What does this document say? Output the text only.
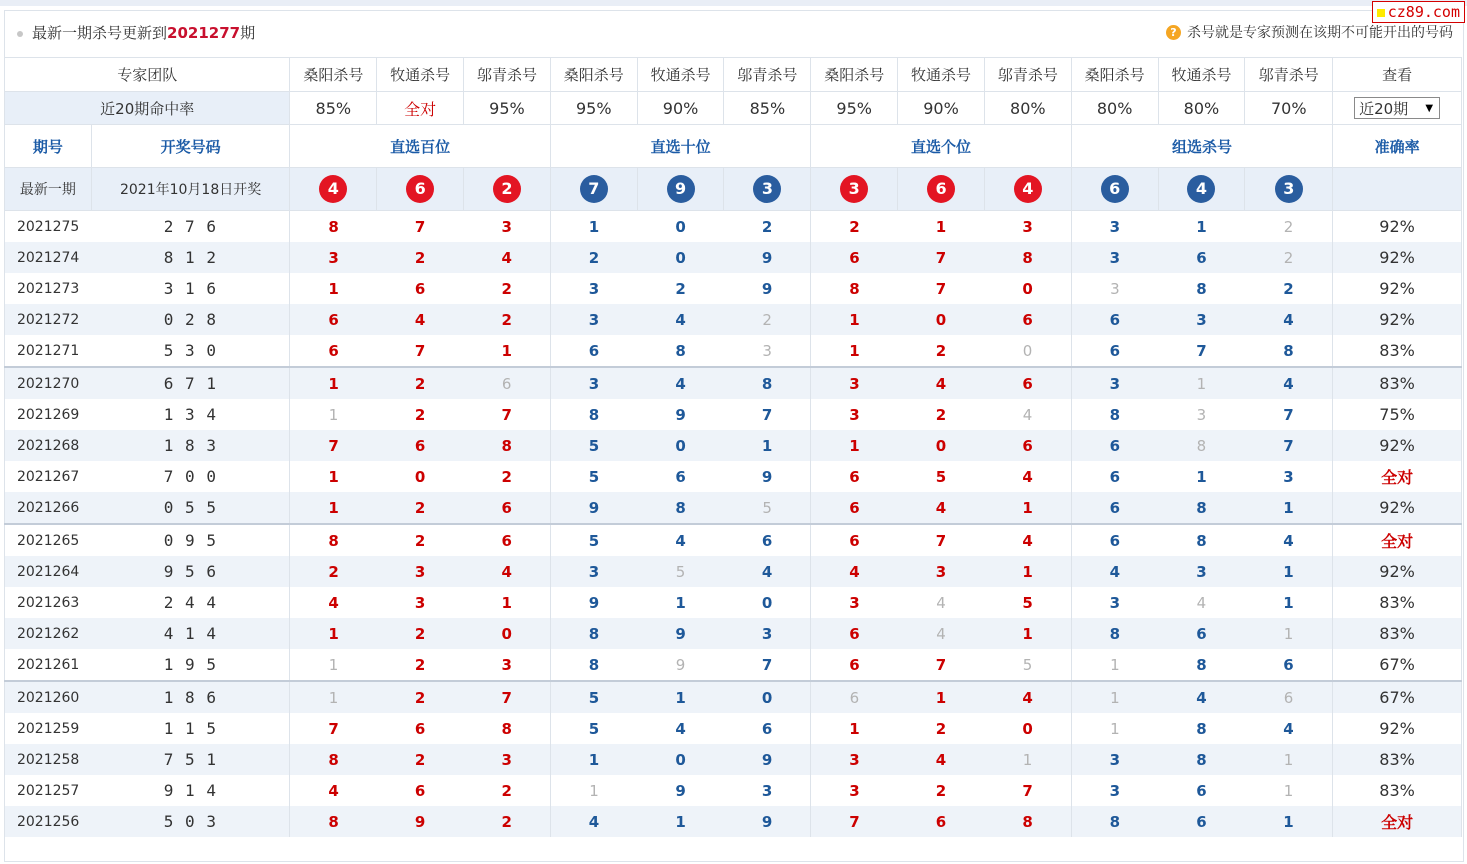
cz89.com
最新一期杀号更新到2021277期	? 杀号就是专家预测在该期不可能开出的号码
专家团队		桑阳杀号	牧通杀号	邬青杀号	桑阳杀号	牧通杀号	邬青杀号	桑阳杀号	牧通杀号	邬青杀号	桑阳杀号	牧通杀号	邬青杀号	查看
近20期命中率		85%	全对	95%	95%	90%	85%	95%	90%	80%	80%	80%	70%	近20期 ▼

期号	开奖号码	直选百位			直选十位			直选个位			组选杀号			准确率
最新一期	2021年10月18日开奖	4	6	2	7	9	3	3	6	4	6	4	3	
2021275	2 7 6	8	7	3	1	0	2	2	1	3	3	1	2	92%
2021274	8 1 2	3	2	4	2	0	9	6	7	8	3	6	2	92%
2021273	3 1 6	1	6	2	3	2	9	8	7	0	3	8	2	92%
2021272	0 2 8	6	4	2	3	4	2	1	0	6	6	3	4	92%
2021271	5 3 0	6	7	1	6	8	3	1	2	0	6	7	8	83%
2021270	6 7 1	1	2	6	3	4	8	3	4	6	3	1	4	83%
2021269	1 3 4	1	2	7	8	9	7	3	2	4	8	3	7	75%
2021268	1 8 3	7	6	8	5	0	1	1	0	6	6	8	7	92%
2021267	7 0 0	1	0	2	5	6	9	6	5	4	6	1	3	全对
2021266	0 5 5	1	2	6	9	8	5	6	4	1	6	8	1	92%
2021265	0 9 5	8	2	6	5	4	6	6	7	4	6	8	4	全对
2021264	9 5 6	2	3	4	3	5	4	4	3	1	4	3	1	92%
2021263	2 4 4	4	3	1	9	1	0	3	4	5	3	4	1	83%
2021262	4 1 4	1	2	0	8	9	3	6	4	1	8	6	1	83%
2021261	1 9 5	1	2	3	8	9	7	6	7	5	1	8	6	67%
2021260	1 8 6	1	2	7	5	1	0	6	1	4	1	4	6	67%
2021259	1 1 5	7	6	8	5	4	6	1	2	0	1	8	4	92%
2021258	7 5 1	8	2	3	1	0	9	3	4	1	3	8	1	83%
2021257	9 1 4	4	6	2	1	9	3	3	2	7	3	6	1	83%
2021256	5 0 3	8	9	2	4	1	9	7	6	8	8	6	1	全对
